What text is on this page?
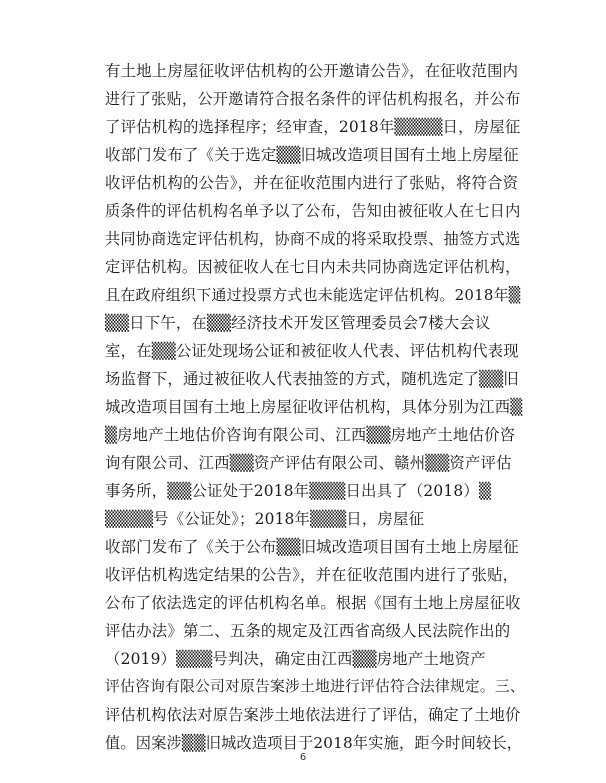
有土地上房屋征收评估机构的公开邀请公告》，在征收范围内
进行了张贴，公开邀请符合报名条件的评估机构报名，并公布
了评估机构的选择程序；经审查，2018年▒▒▒▒日，房屋征
收部门发布了《关于选定▒▒旧城改造项目国有土地上房屋征
收评估机构的公告》，并在征收范围内进行了张贴，将符合资
质条件的评估机构名单予以了公布，告知由被征收人在七日内
共同协商选定评估机构，协商不成的将采取投票、抽签方式选
定评估机构。因被征收人在七日内未共同协商选定评估机构，
且在政府组织下通过投票方式也未能选定评估机构。2018年▒
▒▒日下午，在▒▒经济技术开发区管理委员会7楼大会议
室，在▒▒公证处现场公证和被征收人代表、评估机构代表现
场监督下，通过被征收人代表抽签的方式，随机选定了▒▒旧
城改造项目国有土地上房屋征收评估机构，具体分别为江西▒
▒房地产土地估价咨询有限公司、江西▒▒房地产土地估价咨
询有限公司、江西▒▒资产评估有限公司、赣州▒▒资产评估
事务所，▒▒公证处于2018年▒▒▒日出具了（2018）▒
▒▒▒▒号《公证处》；2018年▒▒▒日，房屋征
收部门发布了《关于公布▒▒旧城改造项目国有土地上房屋征
收评估机构选定结果的公告》，并在征收范围内进行了张贴，
公布了依法选定的评估机构名单。根据《国有土地上房屋征收
评估办法》第二、五条的规定及江西省高级人民法院作出的
（2019）▒▒▒号判决，确定由江西▒▒房地产土地资产
评估咨询有限公司对原告案涉土地进行评估符合法律规定。三、
评估机构依法对原告案涉土地依法进行了评估，确定了土地价
值。因案涉▒▒旧城改造项目于2018年实施，距今时间较长，
6
